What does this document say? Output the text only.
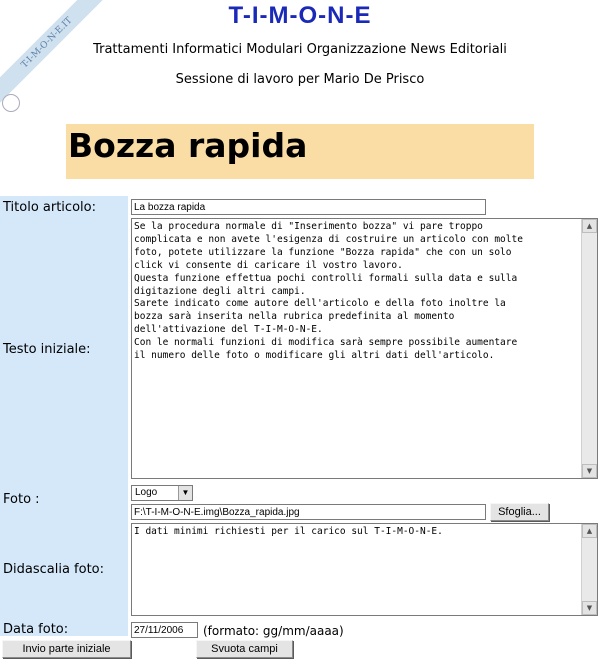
T-I-M-O-N-E.IT
T-I-M-O-N-E
Trattamenti Informatici Modulari Organizzazione News Editoriali
Sessione di lavoro per Mario De Prisco
Bozza rapida
Titolo articolo:
La bozza rapida
Testo iniziale:
Se la procedura normale di "Inserimento bozza" vi pare troppo
complicata e non avete l'esigenza di costruire un articolo con molte
foto, potete utilizzare la funzione "Bozza rapida" che con un solo
click vi consente di caricare il vostro lavoro.
Questa funzione effettua pochi controlli formali sulla data e sulla
digitazione degli altri campi.
Sarete indicato come autore dell'articolo e della foto inoltre la
bozza sarà inserita nella rubrica predefinita al momento
dell'attivazione del T-I-M-O-N-E.
Con le normali funzioni di modifica sarà sempre possibile aumentare
il numero delle foto o modificare gli altri dati dell'articolo.
▲
▼
Foto :	Logo	▼
F:\T-I-M-O-N-E.img\Bozza_rapida.jpg
Sfoglia...
Didascalia foto:
I dati minimi richiesti per il carico sul T-I-M-O-N-E.	▲
▼
Data foto:
27/11/2006	(formato: gg/mm/aaaa)
Invio parte iniziale	Svuota campi
